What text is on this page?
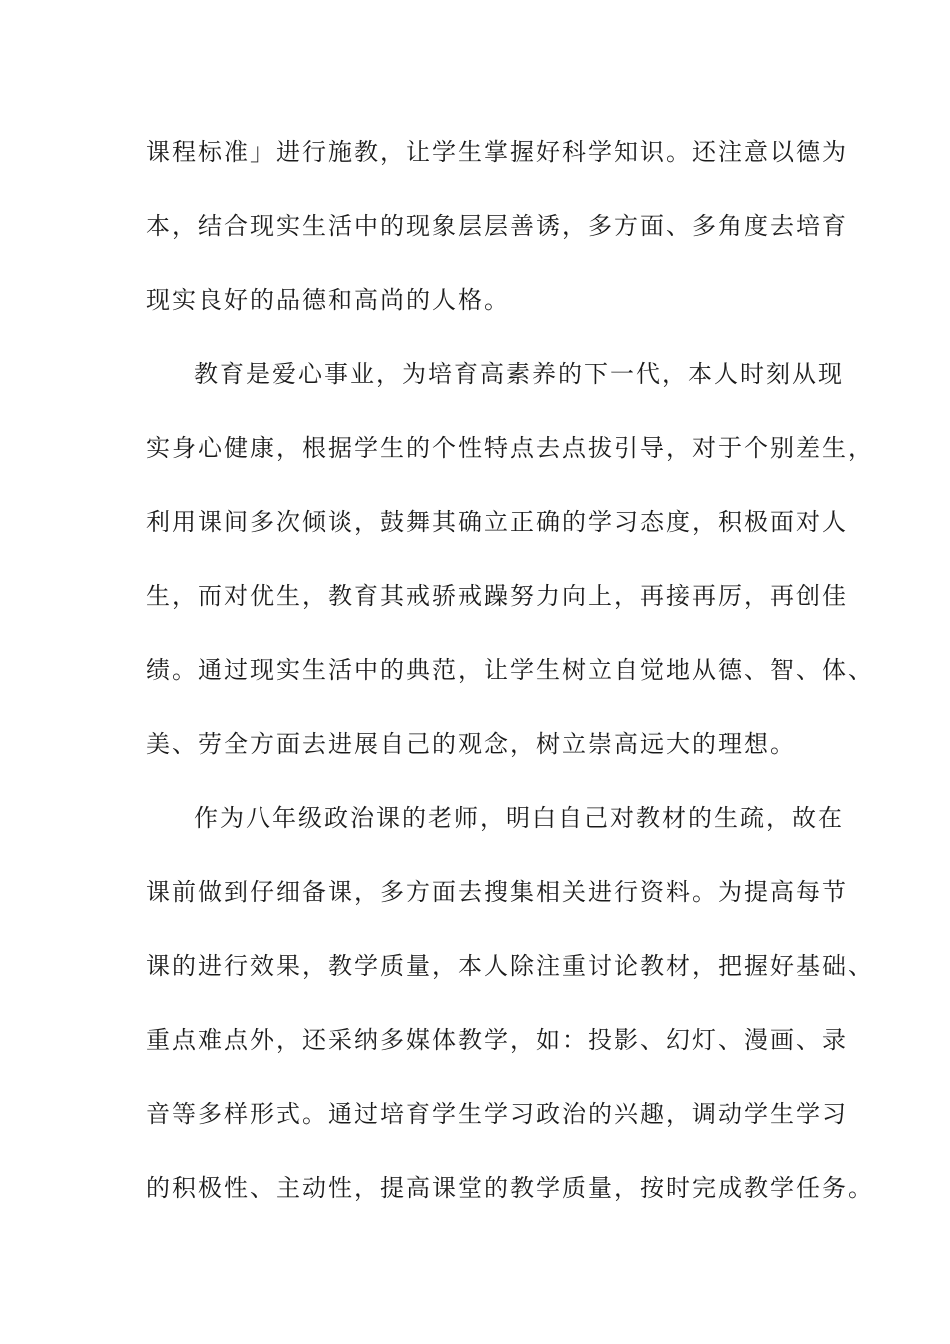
课程标准」进行施教，让学生掌握好科学知识。还注意以德为
本，结合现实生活中的现象层层善诱，多方面、多角度去培育
现实良好的品德和高尚的人格。
教育是爱心事业，为培育高素养的下一代，本人时刻从现
实身心健康，根据学生的个性特点去点拔引导，对于个别差生，
利用课间多次倾谈，鼓舞其确立正确的学习态度，积极面对人
生，而对优生，教育其戒骄戒躁努力向上，再接再厉，再创佳
绩。通过现实生活中的典范，让学生树立自觉地从德、智、体、
美、劳全方面去进展自己的观念，树立崇高远大的理想。
作为八年级政治课的老师，明白自己对教材的生疏，故在
课前做到仔细备课，多方面去搜集相关进行资料。为提高每节
课的进行效果，教学质量，本人除注重讨论教材，把握好基础、
重点难点外，还采纳多媒体教学，如：投影、幻灯、漫画、录
音等多样形式。通过培育学生学习政治的兴趣，调动学生学习
的积极性、主动性，提高课堂的教学质量，按时完成教学任务。
